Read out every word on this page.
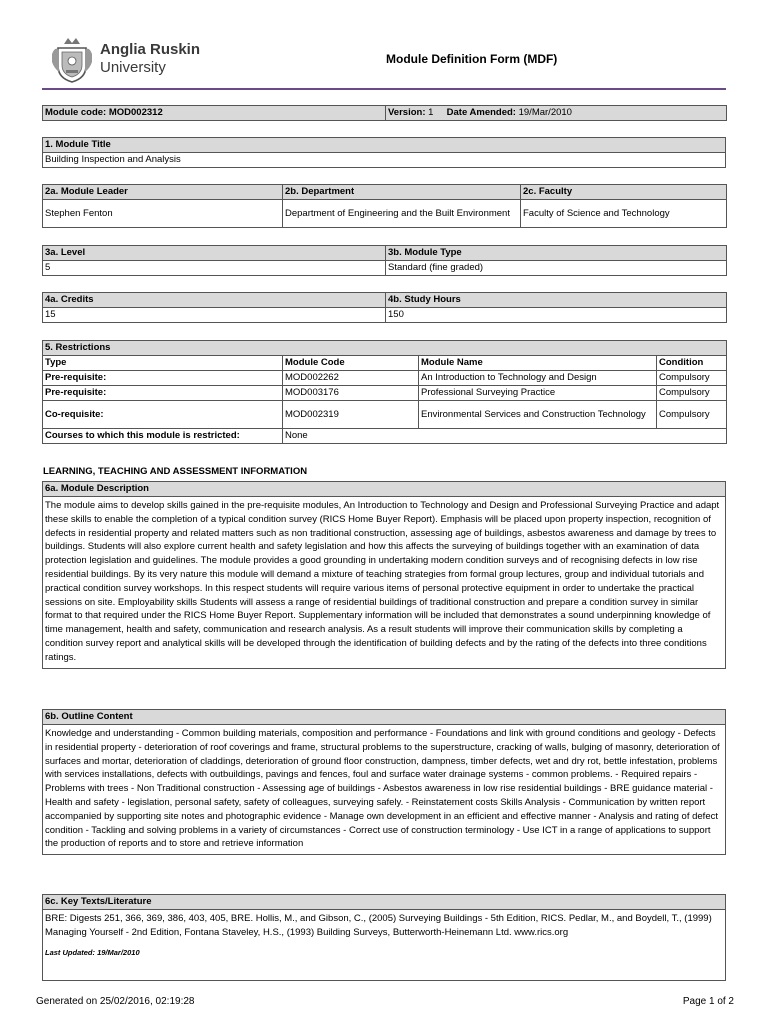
Anglia Ruskin
University	Module Definition Form (MDF)
Module code: MOD002312	Version: 1 Date Amended: 19/Mar/2010
1. Module Title
Building Inspection and Analysis
2a. Module Leader	2b. Department	2c. Faculty
Stephen Fenton	Department of Engineering and the Built Environment	Faculty of Science and Technology
3a. Level	3b. Module Type
5	Standard (fine graded)
4a. Credits	4b. Study Hours
15	150
5. Restrictions			
Type	Module Code	Module Name	Condition
Pre-requisite:	MOD002262	An Introduction to Technology and Design	Compulsory
Pre-requisite:	MOD003176	Professional Surveying Practice	Compulsory
Co-requisite:	MOD002319	Environmental Services and Construction Technology	Compulsory
Courses to which this module is restricted:	None		
LEARNING, TEACHING AND ASSESSMENT INFORMATION
6a. Module Description
The module aims to develop skills gained in the pre-requisite modules, An Introduction to Technology and Design and Professional Surveying Practice and adapt these skills to enable the completion of a typical condition survey (RICS Home Buyer Report). Emphasis will be placed upon property inspection, recognition of defects in residential property and related matters such as non traditional construction, assessing age of buildings, asbestos awareness and damage by trees to buildings. Students will also explore current health and safety legislation and how this affects the surveying of buildings together with an examination of data protection legislation and guidelines. The module provides a good grounding in undertaking modern condition surveys and of recognising defects in low rise residential buildings. By its very nature this module will demand a mixture of teaching strategies from formal group lectures, group and individual tutorials and practical condition survey workshops. In this respect students will require various items of personal protective equipment in order to undertake the practical sessions on site. Employability skills Students will assess a range of residential buildings of traditional construction and prepare a condition survey in similar format to that required under the RICS Home Buyer Report. Supplementary information will be included that demonstrates a sound underpinning knowledge of time management, health and safety, communication and research analysis. As a result students will improve their communication skills by completing a condition survey report and analytical skills will be developed through the identification of building defects and by the rating of the defects into three conditions ratings.
6b. Outline Content
Knowledge and understanding - Common building materials, composition and performance - Foundations and link with ground conditions and geology - Defects in residential property - deterioration of roof coverings and frame, structural problems to the superstructure, cracking of walls, bulging of masonry, deterioration of surfaces and mortar, deterioration of claddings, deterioration of ground floor construction, dampness, timber defects, wet and dry rot, bettle infestation, problems with services installations, defects with outbuildings, pavings and fences, foul and surface water drainage systems - common problems. - Required repairs - Problems with trees - Non Traditional construction - Assessing age of buildings - Asbestos awareness in low rise residential buildings - BRE guidance material - Health and safety - legislation, personal safety, safety of colleagues, surveying safely. - Reinstatement costs Skills Analysis - Communication by written report accompanied by supporting site notes and photographic evidence - Manage own development in an efficient and effective manner - Analysis and rating of defect condition - Tackling and solving problems in a variety of circumstances - Correct use of construction terminology - Use ICT in a range of applications to support the production of reports and to store and retrieve information
6c. Key Texts/Literature

BRE: Digests 251, 366, 369, 386, 403, 405, BRE. Hollis, M., and Gibson, C., (2005) Surveying Buildings - 5th Edition, RICS. Pedlar, M., and Boydell, T., (1999) Managing Yourself - 2nd Edition, Fontana Staveley, H.S., (1993) Building Surveys, Butterworth-Heinemann Ltd. www.rics.org
Last Updated: 19/Mar/2010
Generated on 25/02/2016, 02:19:28	Page 1 of 2
